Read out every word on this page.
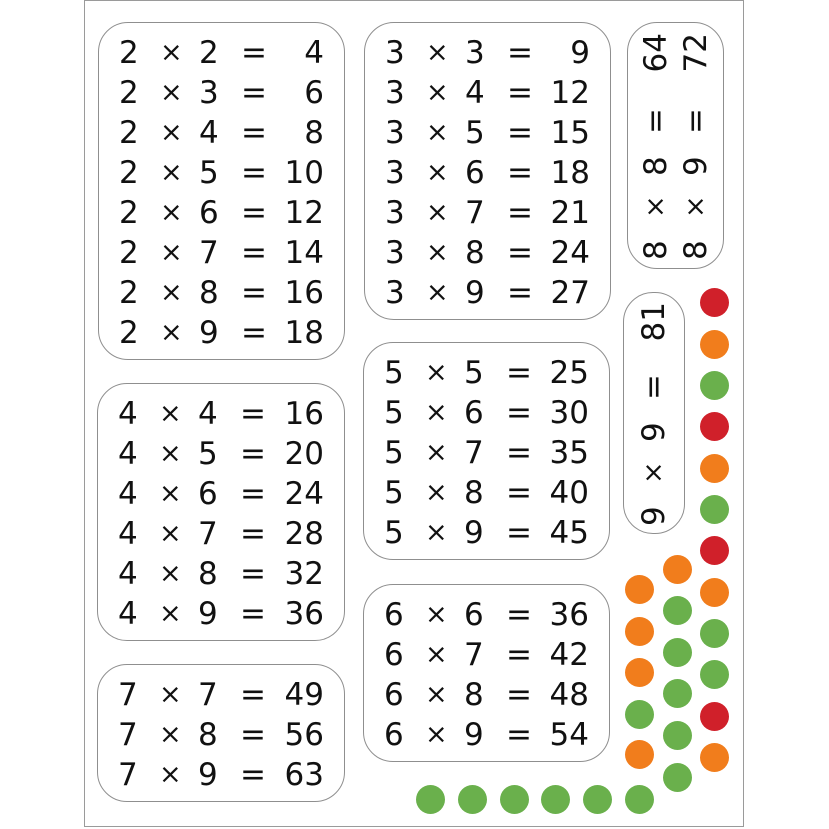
2 × 2 = 4
2 × 3 = 6
2 × 4 = 8
2 × 5 = 10
2 × 6 = 12
2 × 7 = 14
2 × 8 = 16
2 × 9 = 18
3 × 3 = 9
3 × 4 = 12
3 × 5 = 15
3 × 6 = 18
3 × 7 = 21
3 × 8 = 24
3 × 9 = 27
4 × 4 = 16
4 × 5 = 20
4 × 6 = 24
4 × 7 = 28
4 × 8 = 32
4 × 9 = 36
5 × 5 = 25
5 × 6 = 30
5 × 7 = 35
5 × 8 = 40
5 × 9 = 45
6 × 6 = 36
6 × 7 = 42
6 × 8 = 48
6 × 9 = 54
7 × 7 = 49
7 × 8 = 56
7 × 9 = 63
8
×
8
=
64
8
×
9
=
72
9
×
9
=
81
